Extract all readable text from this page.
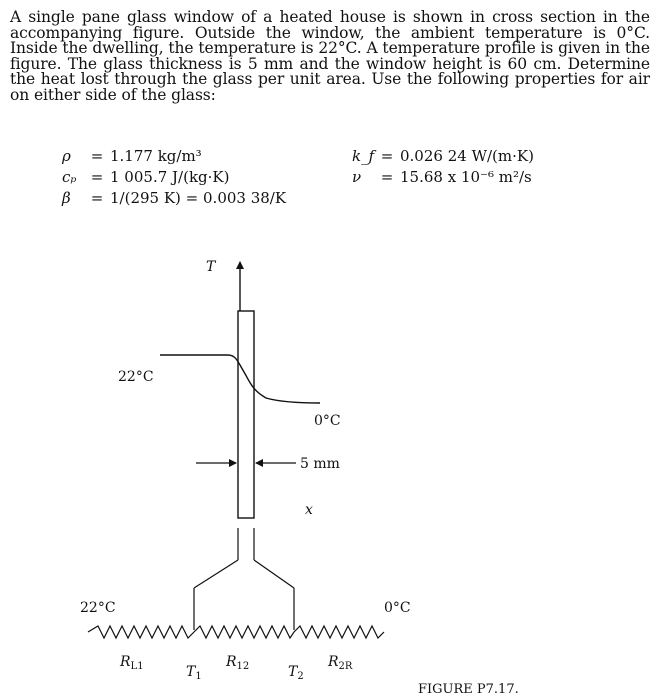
A single pane glass window of a heated house is shown in cross section in the accompanying figure. Outside the window, the ambient temperature is 0°C. Inside the dwelling, the temperature is 22°C. A temperature profile is given in the figure. The glass thickness is 5 mm and the window height is 60 cm. Determine the heat lost through the glass per unit area. Use the following properties for air on either side of the glass:
ρ = 1.177 kg/m³
cₚ = 1 005.7 J/(kg·K)
β = 1/(295 K) = 0.003 38/K
k_f = 0.026 24 W/(m·K)
ν = 15.68 x 10⁻⁶ m²/s
T
22°C
0°C
5 mm
x
22°C	0°C
$R_{L1}$	$T_1$
$R_{12}$	$T_2$
$R_{2R}$
FIGURE P7.17.
